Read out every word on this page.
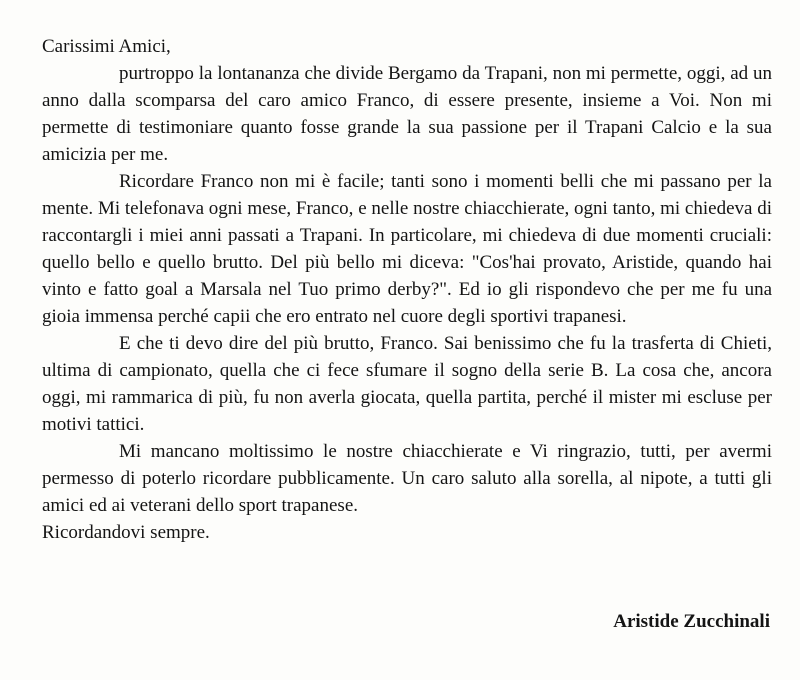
Carissimi Amici,

purtroppo la lontananza che divide Bergamo da Trapani, non mi permette, oggi, ad un anno dalla scomparsa del caro amico Franco, di essere presente, insieme a Voi. Non mi permette di testimoniare quanto fosse grande la sua passione per il Trapani Calcio e la sua amicizia per me.

Ricordare Franco non mi è facile; tanti sono i momenti belli che mi passano per la mente. Mi telefonava ogni mese, Franco, e nelle nostre chiacchierate, ogni tanto, mi chiedeva di raccontargli i miei anni passati a Trapani. In particolare, mi chiedeva di due momenti cruciali: quello bello e quello brutto. Del più bello mi diceva: "Cos'hai provato, Aristide, quando hai vinto e fatto goal a Marsala nel Tuo primo derby?". Ed io gli rispondevo che per me fu una gioia immensa perché capii che ero entrato nel cuore degli sportivi trapanesi.

E che ti devo dire del più brutto, Franco. Sai benissimo che fu la trasferta di Chieti, ultima di campionato, quella che ci fece sfumare il sogno della serie B. La cosa che, ancora oggi, mi rammarica di più, fu non averla giocata, quella partita, perché il mister mi escluse per motivi tattici.

Mi mancano moltissimo le nostre chiacchierate e Vi ringrazio, tutti, per avermi permesso di poterlo ricordare pubblicamente. Un caro saluto alla sorella, al nipote, a tutti gli amici ed ai veterani dello sport trapanese.

Ricordandovi sempre.

Aristide Zucchinali
